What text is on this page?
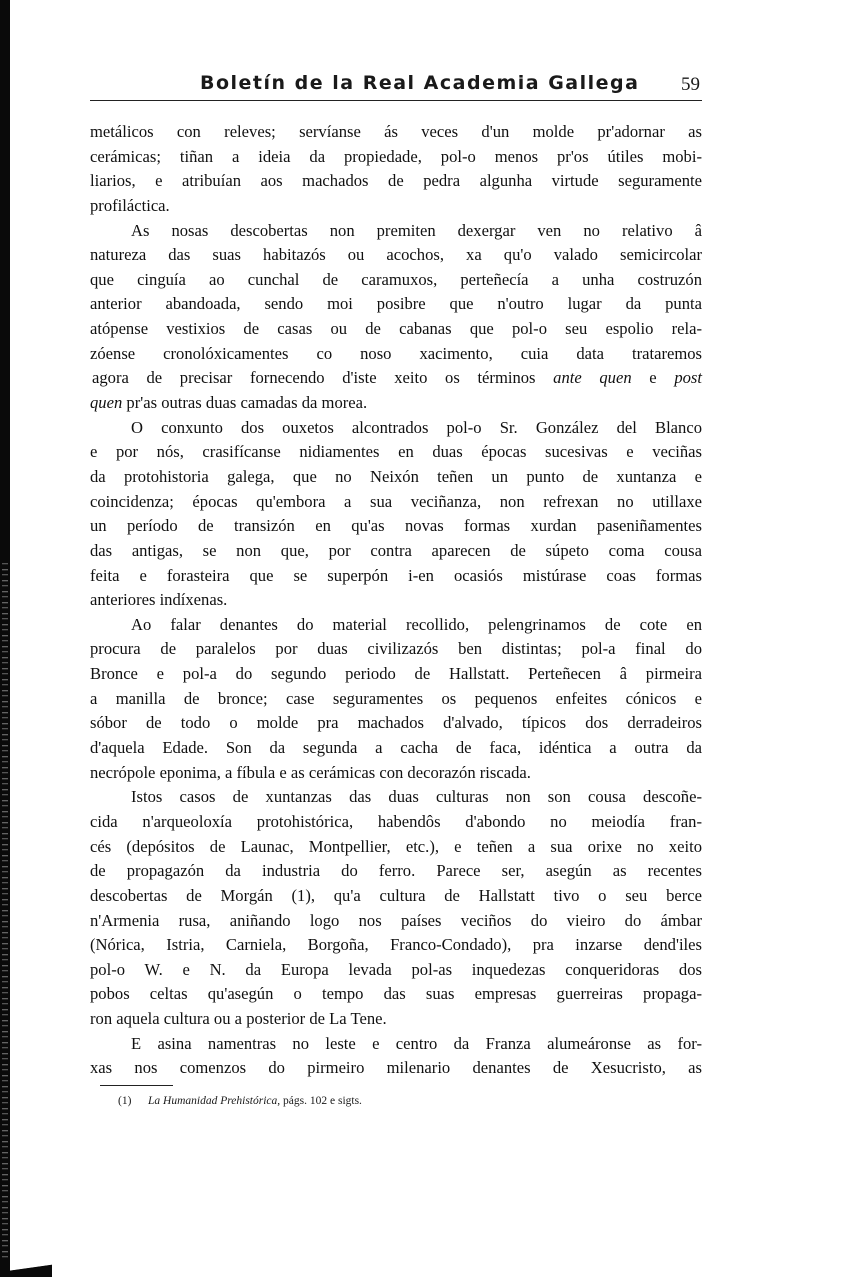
Boletín de la Real Academia Gallega 59
metálicos con releves; servíanse ás veces d'un molde pr'adornar as
cerámicas; tiñan a ideia da propiedade, pol-o menos pr'os útiles mobi-
liarios, e atribuían aos machados de pedra algunha virtude seguramente
profiláctica.
As nosas descobertas non premiten dexergar ven no relativo â
natureza das suas habitazós ou acochos, xa qu'o valado semicircolar
que cinguía ao cunchal de caramuxos, perteñecía a unha costruzón
anterior abandoada, sendo moi posibre que n'outro lugar da punta
atópense vestixios de casas ou de cabanas que pol-o seu espolio rela-
zóense cronolóxicamentes co noso xacimento, cuia data trataremos
agora de precisar fornecendo d'iste xeito os términos ante quen e post
quen pr'as outras duas camadas da morea.
O conxunto dos ouxetos alcontrados pol-o Sr. González del Blanco
e por nós, crasifícanse nidiamentes en duas épocas sucesivas e veciñas
da protohistoria galega, que no Neixón teñen un punto de xuntanza e
coincidenza; épocas qu'embora a sua veciñanza, non refrexan no utillaxe
un período de transizón en qu'as novas formas xurdan paseniñamentes
das antigas, se non que, por contra aparecen de súpeto coma cousa
feita e forasteira que se superpón i-en ocasiós mistúrase coas formas
anteriores indíxenas.
Ao falar denantes do material recollido, pelengrinamos de cote en
procura de paralelos por duas civilizazós ben distintas; pol-a final do
Bronce e pol-a do segundo periodo de Hallstatt. Perteñecen â pirmeira
a manilla de bronce; case seguramentes os pequenos enfeites cónicos e
sóbor de todo o molde pra machados d'alvado, típicos dos derradeiros
d'aquela Edade. Son da segunda a cacha de faca, idéntica a outra da
necrópole eponima, a fíbula e as cerámicas con decorazón riscada.
Istos casos de xuntanzas das duas culturas non son cousa descoñe-
cida n'arqueoloxía protohistórica, habendôs d'abondo no meiodía fran-
cés (depósitos de Launac, Montpellier, etc.), e teñen a sua orixe no xeito
de propagazón da industria do ferro. Parece ser, asegún as recentes
descobertas de Morgán (1), qu'a cultura de Hallstatt tivo o seu berce
n'Armenia rusa, aniñando logo nos países veciños do vieiro do ámbar
(Nórica, Istria, Carniela, Borgoña, Franco-Condado), pra inzarse dend'iles
pol-o W. e N. da Europa levada pol-as inquedezas conqueridoras dos
pobos celtas qu'asegún o tempo das suas empresas guerreiras propaga-
ron aquela cultura ou a posterior de La Tene.
E asina namentras no leste e centro da Franza alumeáronse as for-
xas nos comenzos do pirmeiro milenario denantes de Xesucristo, as
(1) La Humanidad Prehistórica, págs. 102 e sigts.
